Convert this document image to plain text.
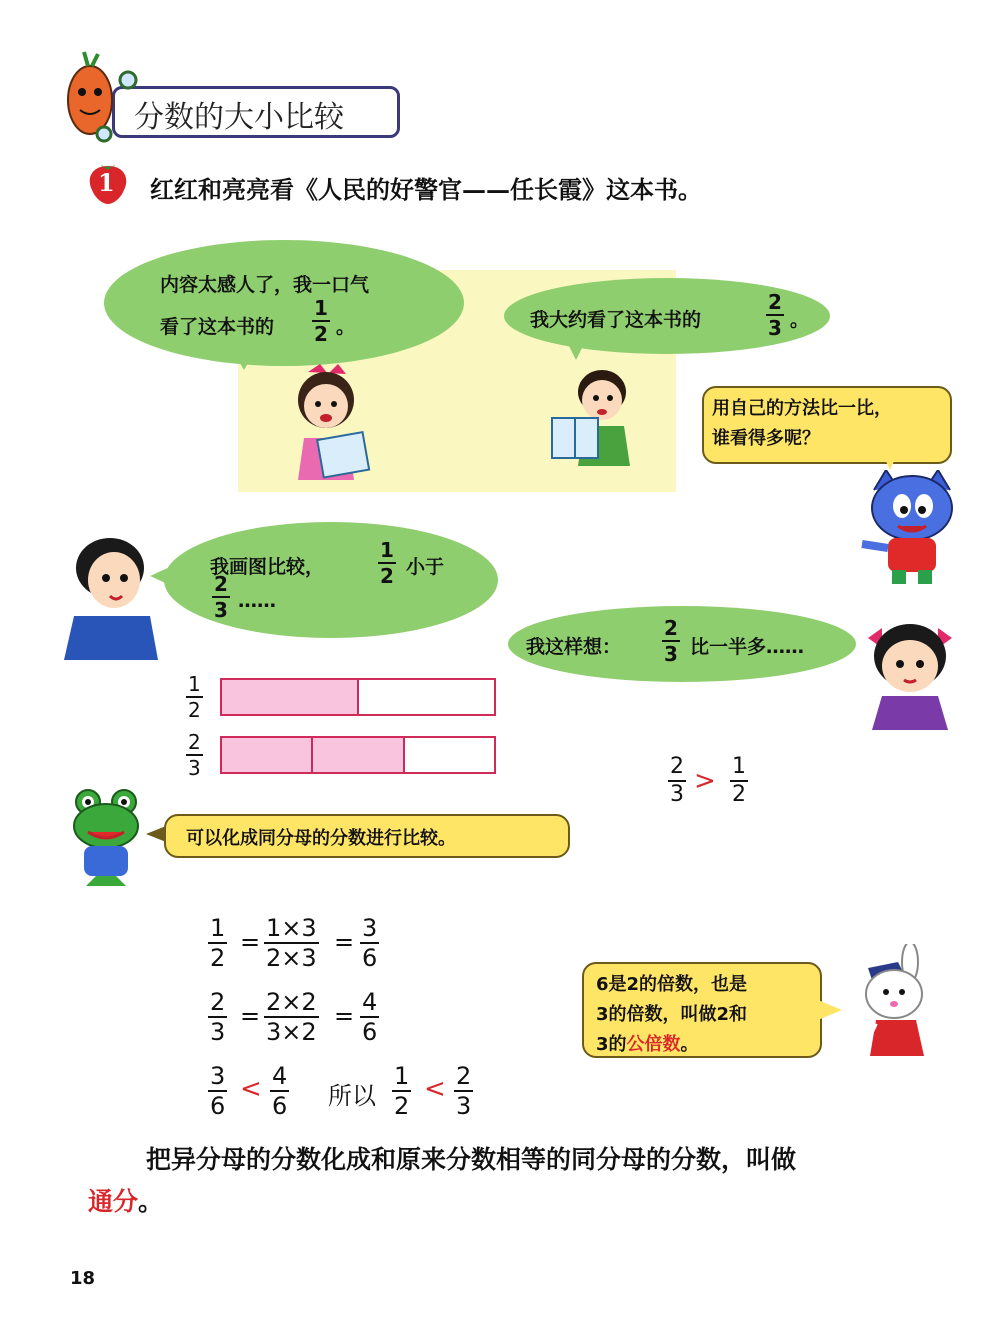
分数的大小比较
1 红红和亮亮看《人民的好警官——任长霞》这本书。
内容太感人了，我一口气
看了这本书的
1
2 。	我大约看了这本书的
2
3 。
用自己的方法比一比，
谁看得多呢？
我画图比较，
1
2 小于
2
3 ……
我这样想：
2
3 比一半多……
1
2
2
3	2
3 > 1
2
可以化成同分母的分数进行比较。
1
2
= 1×3
2×3
= 3
6
2
3
= 2×2
3×2
= 4
6
3
6
< 4
6 所以
1
2
< 2
3
6是2的倍数，也是
3的倍数，叫做2和
3的公倍数。
把异分母的分数化成和原来分数相等的同分母的分数，叫做
通分。
18
